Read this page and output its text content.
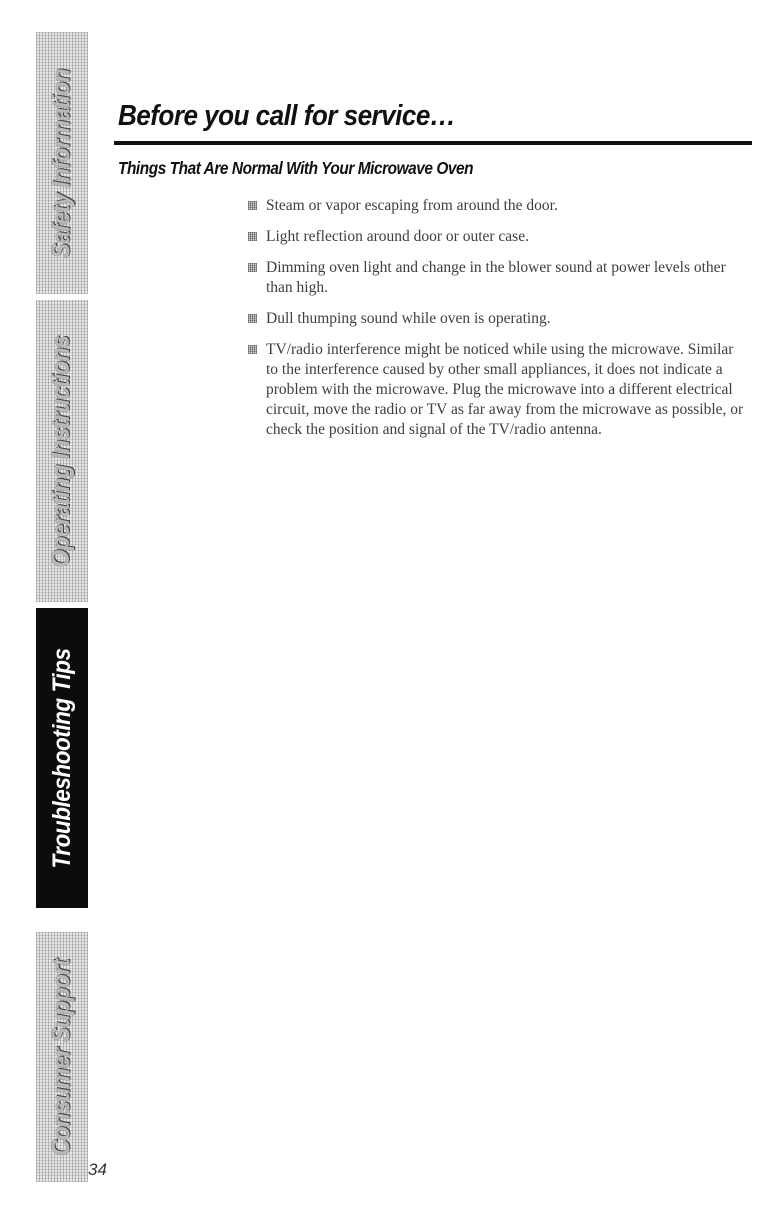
Safety Information
Operating Instructions
Troubleshooting Tips
Consumer Support
Before you call for service…
Things That Are Normal With Your Microwave Oven
Steam or vapor escaping from around the door.
Light reflection around door or outer case.
Dimming oven light and change in the blower sound at power levels other than high.
Dull thumping sound while oven is operating.
TV/radio interference might be noticed while using the microwave. Similar to the interference caused by other small appliances, it does not indicate a problem with the microwave. Plug the microwave into a different electrical circuit, move the radio or TV as far away from the microwave as possible, or check the position and signal of the TV/radio antenna.
34
